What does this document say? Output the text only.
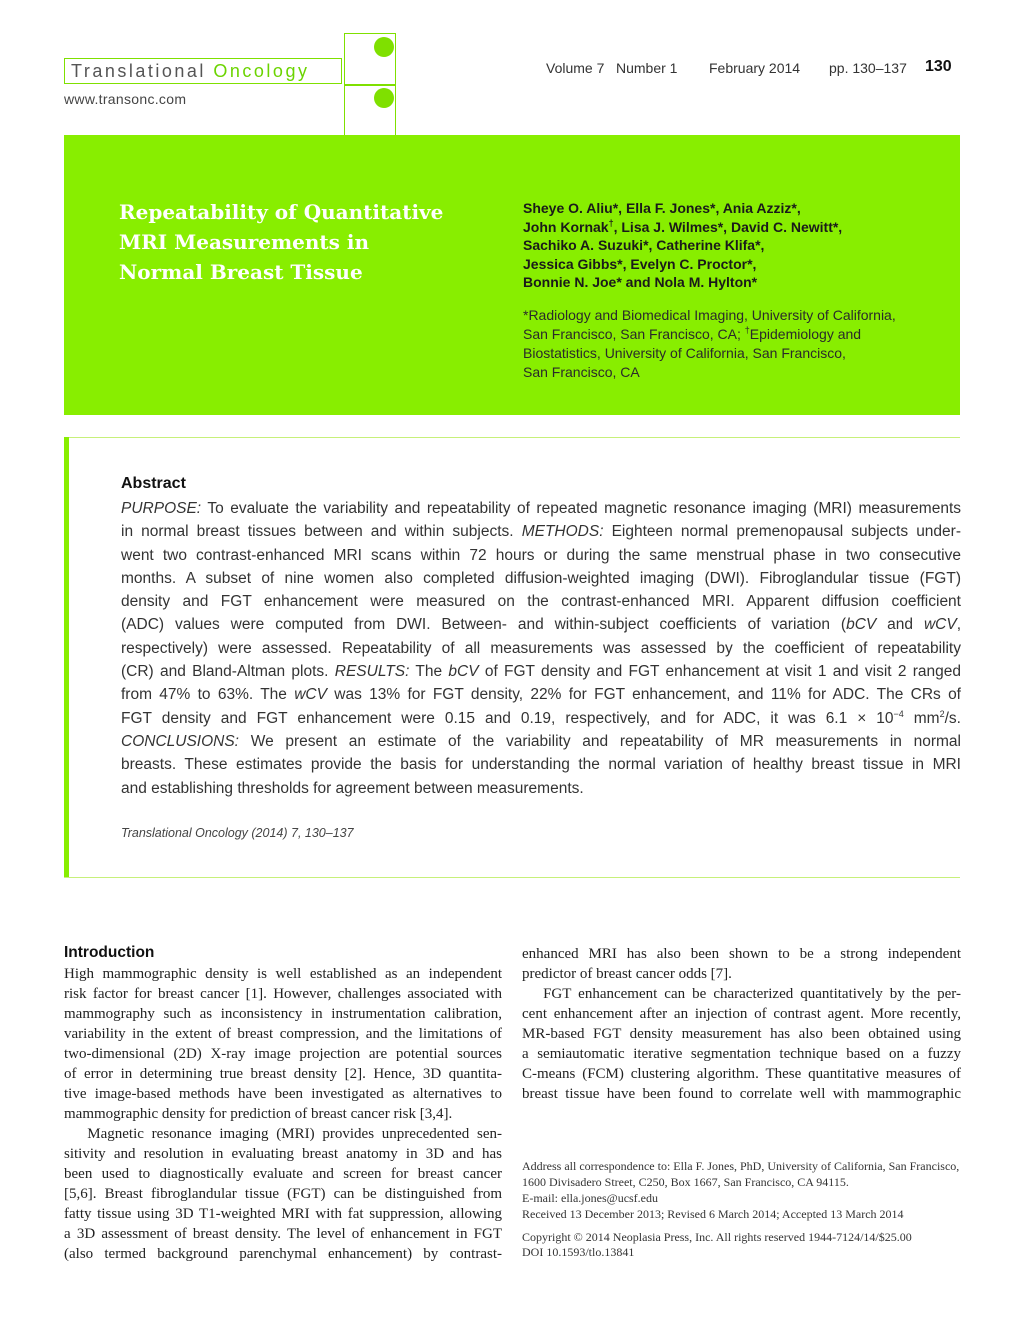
Translational Oncology
www.transonc.com
Volume 7 Number 1 February 2014 pp. 130–137 130
Repeatability of Quantitative
MRI Measurements in
Normal Breast Tissue
Sheye O. Aliu*, Ella F. Jones*, Ania Azziz*,
John Kornak†, Lisa J. Wilmes*, David C. Newitt*,
Sachiko A. Suzuki*, Catherine Klifa*,
Jessica Gibbs*, Evelyn C. Proctor*,
Bonnie N. Joe* and Nola M. Hylton*
*Radiology and Biomedical Imaging, University of California,
San Francisco, San Francisco, CA; †Epidemiology and
Biostatistics, University of California, San Francisco,
San Francisco, CA
Abstract
PURPOSE: To evaluate the variability and repeatability of repeated magnetic resonance imaging (MRI) measurements
in normal breast tissues between and within subjects. METHODS: Eighteen normal premenopausal subjects under-
went two contrast-enhanced MRI scans within 72 hours or during the same menstrual phase in two consecutive
months. A subset of nine women also completed diffusion-weighted imaging (DWI). Fibroglandular tissue (FGT)
density and FGT enhancement were measured on the contrast-enhanced MRI. Apparent diffusion coefficient
(ADC) values were computed from DWI. Between- and within-subject coefficients of variation (bCV and wCV,
respectively) were assessed. Repeatability of all measurements was assessed by the coefficient of repeatability
(CR) and Bland-Altman plots. RESULTS: The bCV of FGT density and FGT enhancement at visit 1 and visit 2 ranged
from 47% to 63%. The wCV was 13% for FGT density, 22% for FGT enhancement, and 11% for ADC. The CRs of
FGT density and FGT enhancement were 0.15 and 0.19, respectively, and for ADC, it was $6.1 \times 10^{-4}$ $mm^2/s$.
CONCLUSIONS: We present an estimate of the variability and repeatability of MR measurements in normal
breasts. These estimates provide the basis for understanding the normal variation of healthy breast tissue in MRI
and establishing thresholds for agreement between measurements.
Translational Oncology (2014) 7, 130–137
Introduction
High mammographic density is well established as an independent
risk factor for breast cancer [1]. However, challenges associated with
mammography such as inconsistency in instrumentation calibration,
variability in the extent of breast compression, and the limitations of
two-dimensional (2D) X-ray image projection are potential sources
of error in determining true breast density [2]. Hence, 3D quantita-
tive image-based methods have been investigated as alternatives to
mammographic density for prediction of breast cancer risk [3,4].
Magnetic resonance imaging (MRI) provides unprecedented sen-
sitivity and resolution in evaluating breast anatomy in 3D and has
been used to diagnostically evaluate and screen for breast cancer
[5,6]. Breast fibroglandular tissue (FGT) can be distinguished from
fatty tissue using 3D T1-weighted MRI with fat suppression, allowing
a 3D assessment of breast density. The level of enhancement in FGT
(also termed background parenchymal enhancement) by contrast-
enhanced MRI has also been shown to be a strong independent
predictor of breast cancer odds [7].
FGT enhancement can be characterized quantitatively by the per-
cent enhancement after an injection of contrast agent. More recently,
MR-based FGT density measurement has also been obtained using
a semiautomatic iterative segmentation technique based on a fuzzy
C-means (FCM) clustering algorithm. These quantitative measures of
breast tissue have been found to correlate well with mammographic
Address all correspondence to: Ella F. Jones, PhD, University of California, San Francisco,
1600 Divisadero Street, C250, Box 1667, San Francisco, CA 94115.
E-mail: ella.jones@ucsf.edu
Received 13 December 2013; Revised 6 March 2014; Accepted 13 March 2014
Copyright © 2014 Neoplasia Press, Inc. All rights reserved 1944-7124/14/$25.00
DOI 10.1593/tlo.13841
